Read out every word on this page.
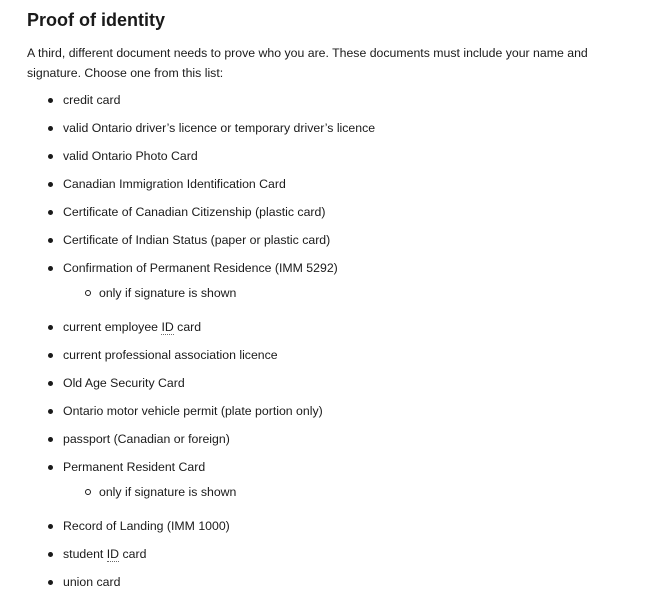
Proof of identity

A third, different document needs to prove who you are. These documents must include your name and signature. Choose one from this list:

credit card
valid Ontario driver’s licence or temporary driver’s licence
valid Ontario Photo Card
Canadian Immigration Identification Card
Certificate of Canadian Citizenship (plastic card)
Certificate of Indian Status (paper or plastic card)
Confirmation of Permanent Residence (IMM 5292)
only if signature is shown
current employee ID card
current professional association licence
Old Age Security Card
Ontario motor vehicle permit (plate portion only)
passport (Canadian or foreign)
Permanent Resident Card
only if signature is shown
Record of Landing (IMM 1000)
student ID card
union card
